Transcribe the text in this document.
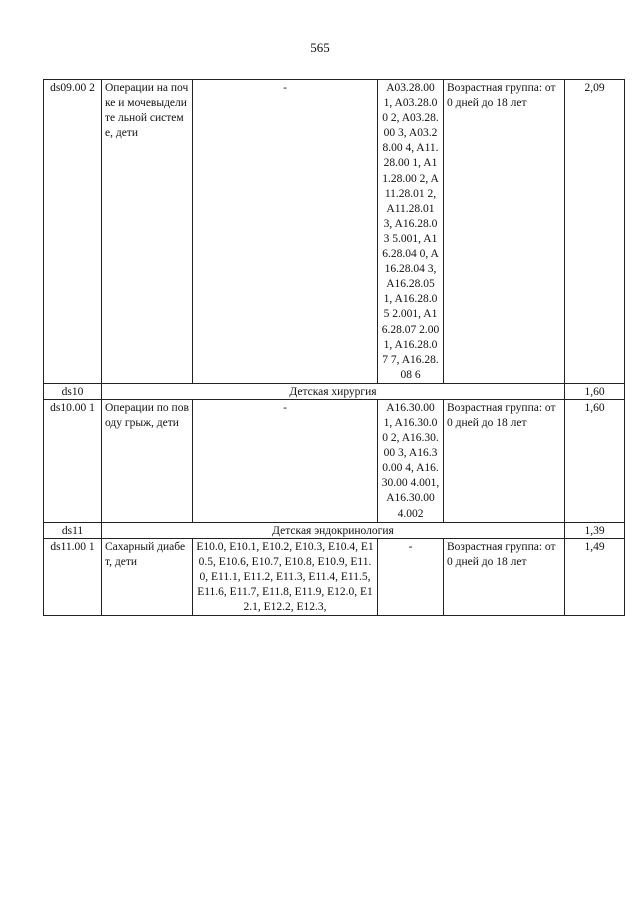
565
ds09.00 2	Операции на почке и мочевыделите льной системе, дети	-	A03.28.00 1, A03.28.00 2, A03.28.00 3, A03.28.00 4, A11.28.00 1, A11.28.00 2, A11.28.01 2, A11.28.01 3, A16.28.03 5.001, A16.28.04 0, A16.28.04 3, A16.28.05 1, A16.28.05 2.001, A16.28.07 2.001, A16.28.07 7, A16.28.08 6	Возрастная группа: от 0 дней до 18 лет	2,09
ds10	Детская хирургия				1,60
ds10.00 1	Операции по поводу грыж, дети	-	A16.30.00 1, A16.30.00 2, A16.30.00 3, A16.30.00 4, A16.30.00 4.001, A16.30.00 4.002	Возрастная группа: от 0 дней до 18 лет	1,60
ds11	Детская эндокринология				1,39
ds11.00 1	Сахарный диабет, дети	E10.0, E10.1, E10.2, E10.3, E10.4, E10.5, E10.6, E10.7, E10.8, E10.9, E11.0, E11.1, E11.2, E11.3, E11.4, E11.5, E11.6, E11.7, E11.8, E11.9, E12.0, E12.1, E12.2, E12.3,	-	Возрастная группа: от 0 дней до 18 лет	1,49
